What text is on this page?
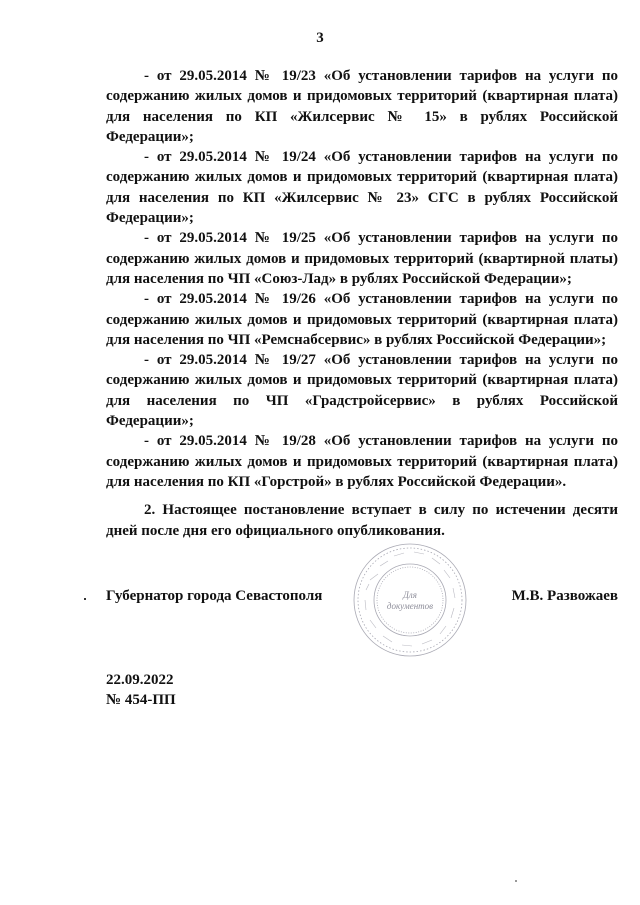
3

- от 29.05.2014 № 19/23 «Об установлении тарифов на услуги по содержанию жилых домов и придомовых территорий (квартирная плата) для населения по КП «Жилсервис № 15» в рублях Российской Федерации»;

- от 29.05.2014 № 19/24 «Об установлении тарифов на услуги по содержанию жилых домов и придомовых территорий (квартирная плата) для населения по КП «Жилсервис № 23» СГС в рублях Российской Федерации»;

- от 29.05.2014 № 19/25 «Об установлении тарифов на услуги по содержанию жилых домов и придомовых территорий (квартирной платы) для населения по ЧП «Союз-Лад» в рублях Российской Федерации»;

- от 29.05.2014 № 19/26 «Об установлении тарифов на услуги по содержанию жилых домов и придомовых территорий (квартирная плата) для населения по ЧП «Ремснабсервис» в рублях Российской Федерации»;

- от 29.05.2014 № 19/27 «Об установлении тарифов на услуги по содержанию жилых домов и придомовых территорий (квартирная плата) для населения по ЧП «Градстройсервис» в рублях Российской Федерации»;

- от 29.05.2014 № 19/28 «Об установлении тарифов на услуги по содержанию жилых домов и придомовых территорий (квартирная плата) для населения по КП «Горстрой» в рублях Российской Федерации».

2. Настоящее постановление вступает в силу по истечении десяти дней после дня его официального опубликования.

Губернатор города Севастополя	М.В. Развожаев
Для
документов
22.09.2022
№ 454-ПП
